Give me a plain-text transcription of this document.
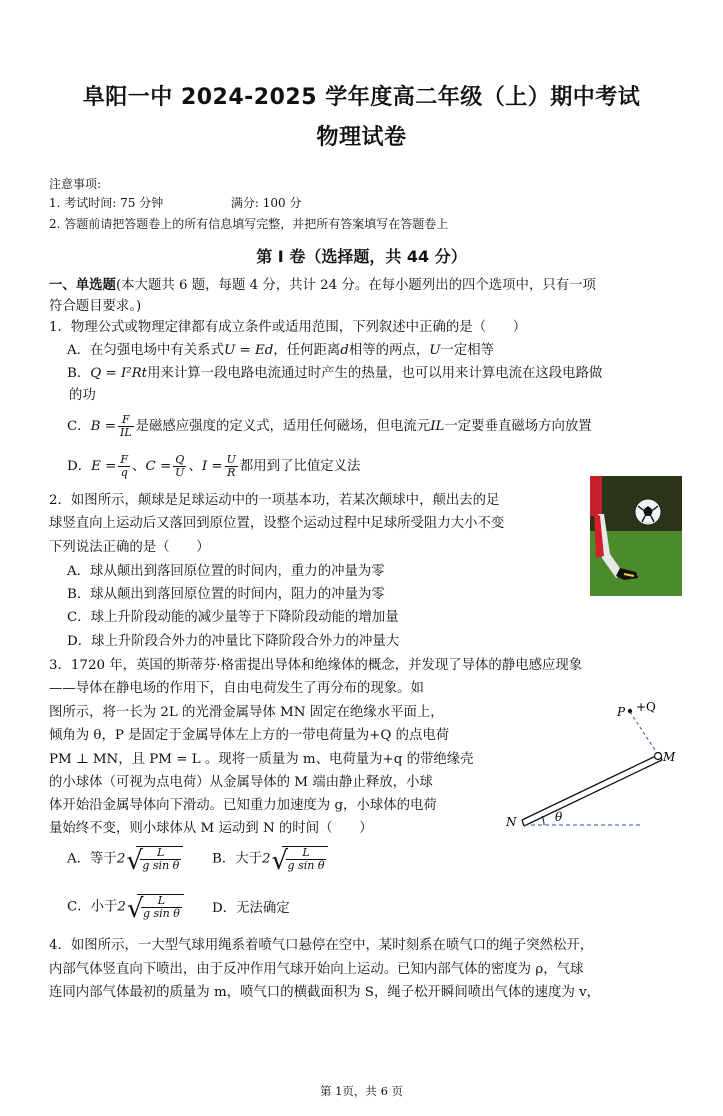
阜阳一中 2024-2025 学年度高二年级（上）期中考试
物理试卷
注意事项:
1. 考试时间: 75 分钟	满分: 100 分
2. 答题前请把答题卷上的所有信息填写完整，并把所有答案填写在答题卷上
第 I 卷（选择题，共 44 分）
一、单选题(本大题共 6 题，每题 4 分，共计 24 分。在每小题列出的四个选项中，只有一项
符合题目要求。)
1．物理公式或物理定律都有成立条件或适用范围，下列叙述中正确的是（　　）
A．在匀强电场中有关系式U = Ed，任何距离d相等的两点，U一定相等
B．Q = I²Rt用来计算一段电路电流通过时产生的热量，也可以用来计算电流在这段电路做
的功
C．$B = \frac{F}{IL}$ 是磁感应强度的定义式，适用任何磁场，但电流元IL一定要垂直磁场方向放置
D．$E = \frac{F}{q}$ 、$C = \frac{Q}{U}$ 、$I = \frac{U}{R}$ 都用到了比值定义法
2．如图所示，颠球是足球运动中的一项基本功，若某次颠球中，颠出去的足
球竖直向上运动后又落回到原位置，设整个运动过程中足球所受阻力大小不变
下列说法正确的是（　　）
A．球从颠出到落回原位置的时间内，重力的冲量为零
B．球从颠出到落回原位置的时间内，阻力的冲量为零
C．球上升阶段动能的减少量等于下降阶段动能的增加量
D．球上升阶段合外力的冲量比下降阶段合外力的冲量大
3．1720 年，英国的斯蒂芬·格雷提出导体和绝缘体的概念，并发现了导体的静电感应现象
——导体在静电场的作用下，自由电荷发生了再分布的现象。如
图所示，将一长为 2L 的光滑金属导体 MN 固定在绝缘水平面上，
倾角为 θ，P 是固定于金属导体左上方的一带电荷量为+Q 的点电荷
PM ⊥ MN，且 PM = L 。现将一质量为 m、电荷量为+q 的带绝缘壳
的小球体（可视为点电荷）从金属导体的 M 端由静止释放，小球
体开始沿金属导体向下滑动。已知重力加速度为 g，小球体的电荷
量始终不变，则小球体从 M 运动到 N 的时间（　　）
A．等于2 √ $\frac{L}{\text{g sin θ}}$ B．大于2 √ $\frac{L}{\text{g sin θ}}$
C．小于2 √ $\frac{L}{\text{g sin θ}}$ D．无法确定
P +Q
M
N	θ
4．如图所示，一大型气球用绳系着喷气口悬停在空中，某时刻系在喷气口的绳子突然松开，
内部气体竖直向下喷出，由于反冲作用气球开始向上运动。已知内部气体的密度为 ρ，气球
连同内部气体最初的质量为 m，喷气口的横截面积为 S，绳子松开瞬间喷出气体的速度为 v，
第 1页，共 6 页
